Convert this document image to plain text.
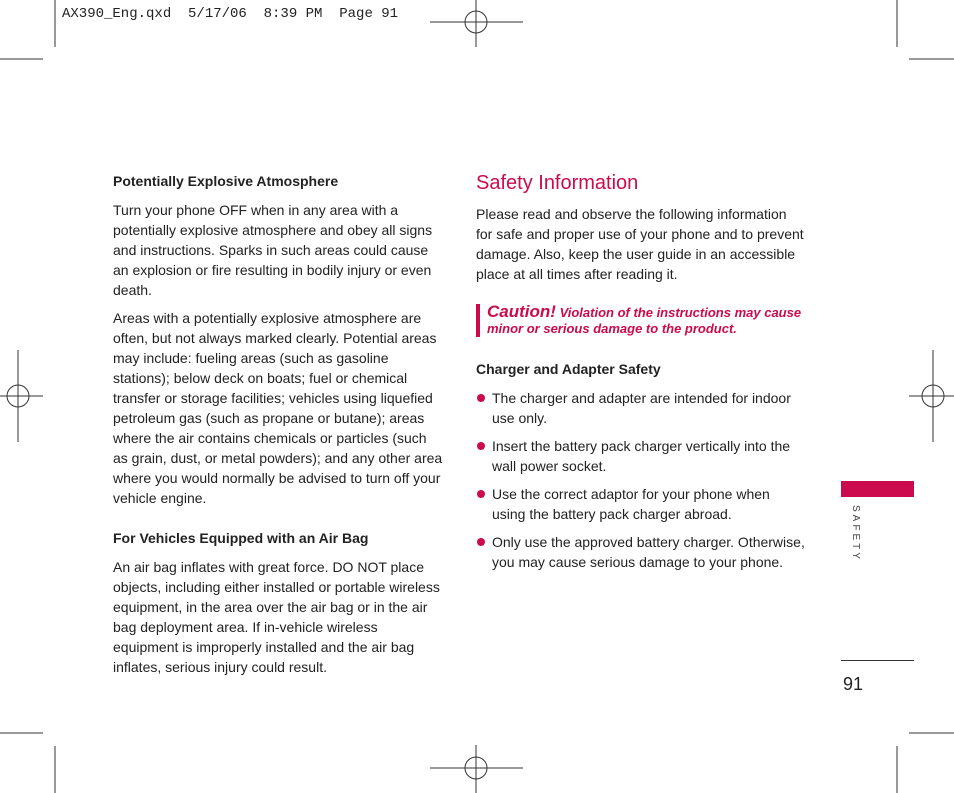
AX390_Eng.qxd  5/17/06  8:39 PM  Page 91
Potentially Explosive Atmosphere

Turn your phone OFF when in any area with a potentially explosive atmosphere and obey all signs and instructions. Sparks in such areas could cause an explosion or fire resulting in bodily injury or even death.

Areas with a potentially explosive atmosphere are often, but not always marked clearly. Potential areas may include: fueling areas (such as gasoline stations); below deck on boats; fuel or chemical transfer or storage facilities; vehicles using liquefied petroleum gas (such as propane or butane); areas where the air contains chemicals or particles (such as grain, dust, or metal powders); and any other area where you would normally be advised to turn off your vehicle engine.

For Vehicles Equipped with an Air Bag

An air bag inflates with great force. DO NOT place objects, including either installed or portable wireless equipment, in the area over the air bag or in the air bag deployment area. If in-vehicle wireless equipment is improperly installed and the air bag inflates, serious injury could result.

Safety Information

Please read and observe the following information for safe and proper use of your phone and to prevent damage. Also, keep the user guide in an accessible place at all times after reading it.

Caution! Violation of the instructions may cause minor or serious damage to the product.
Charger and Adapter Safety
The charger and adapter are intended for indoor use only.
Insert the battery pack charger vertically into the wall power socket.
Use the correct adaptor for your phone when using the battery pack charger abroad.
Only use the approved battery charger. Otherwise, you may cause serious damage to your phone.
SAFETY
91
